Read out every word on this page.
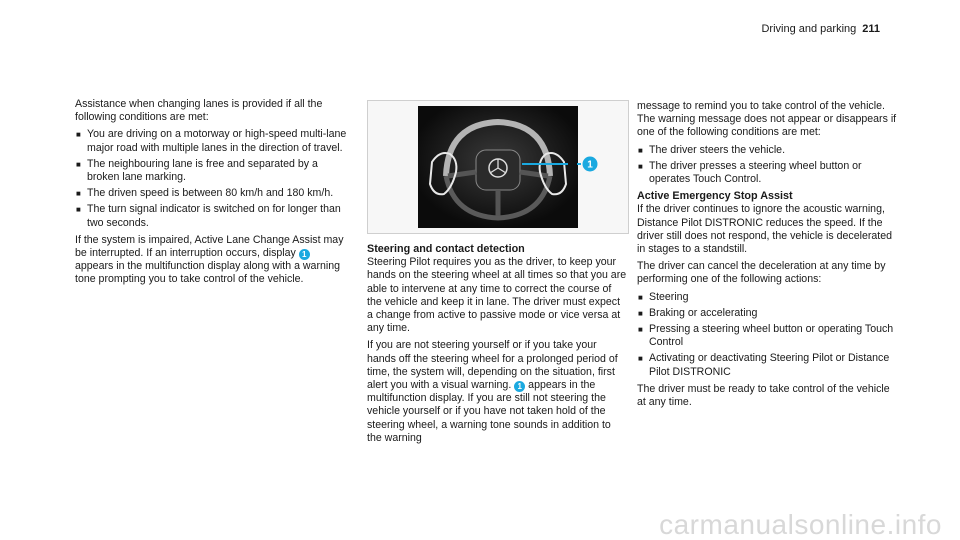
Driving and parking 211

Assistance when changing lanes is provided if all the following conditions are met:

■ You are driving on a motorway or high-speed multi-lane major road with multiple lanes in the direction of travel.
■ The neighbouring lane is free and separated by a broken lane marking.
■ The driven speed is between 80 km/h and 180 km/h.
■ The turn signal indicator is switched on for longer than two seconds.

If the system is impaired, Active Lane Change Assist may be interrupted. If an interruption occurs, display 1 appears in the multifunction display along with a warning tone prompting you to take control of the vehicle.

1
Steering and contact detection

Steering Pilot requires you as the driver, to keep your hands on the steering wheel at all times so that you are able to intervene at any time to correct the course of the vehicle and keep it in lane. The driver must expect a change from active to passive mode or vice versa at any time.

If you are not steering yourself or if you take your hands off the steering wheel for a prolonged period of time, the system will, depending on the situation, first alert you with a visual warning. 1 appears in the multifunction display. If you are still not steering the vehicle yourself or if you have not taken hold of the steering wheel, a warning tone sounds in addition to the warning

message to remind you to take control of the vehicle.

The warning message does not appear or disappears if one of the following conditions are met:

■ The driver steers the vehicle.
■ The driver presses a steering wheel button or operates Touch Control.
Active Emergency Stop Assist

If the driver continues to ignore the acoustic warning, Distance Pilot DISTRONIC reduces the speed. If the driver still does not respond, the vehicle is decelerated in stages to a standstill.

The driver can cancel the deceleration at any time by performing one of the following actions:

■ Steering
■ Braking or accelerating
■ Pressing a steering wheel button or operating Touch Control
■ Activating or deactivating Steering Pilot or Distance Pilot DISTRONIC

The driver must be ready to take control of the vehicle at any time.

carmanualsonline.info
